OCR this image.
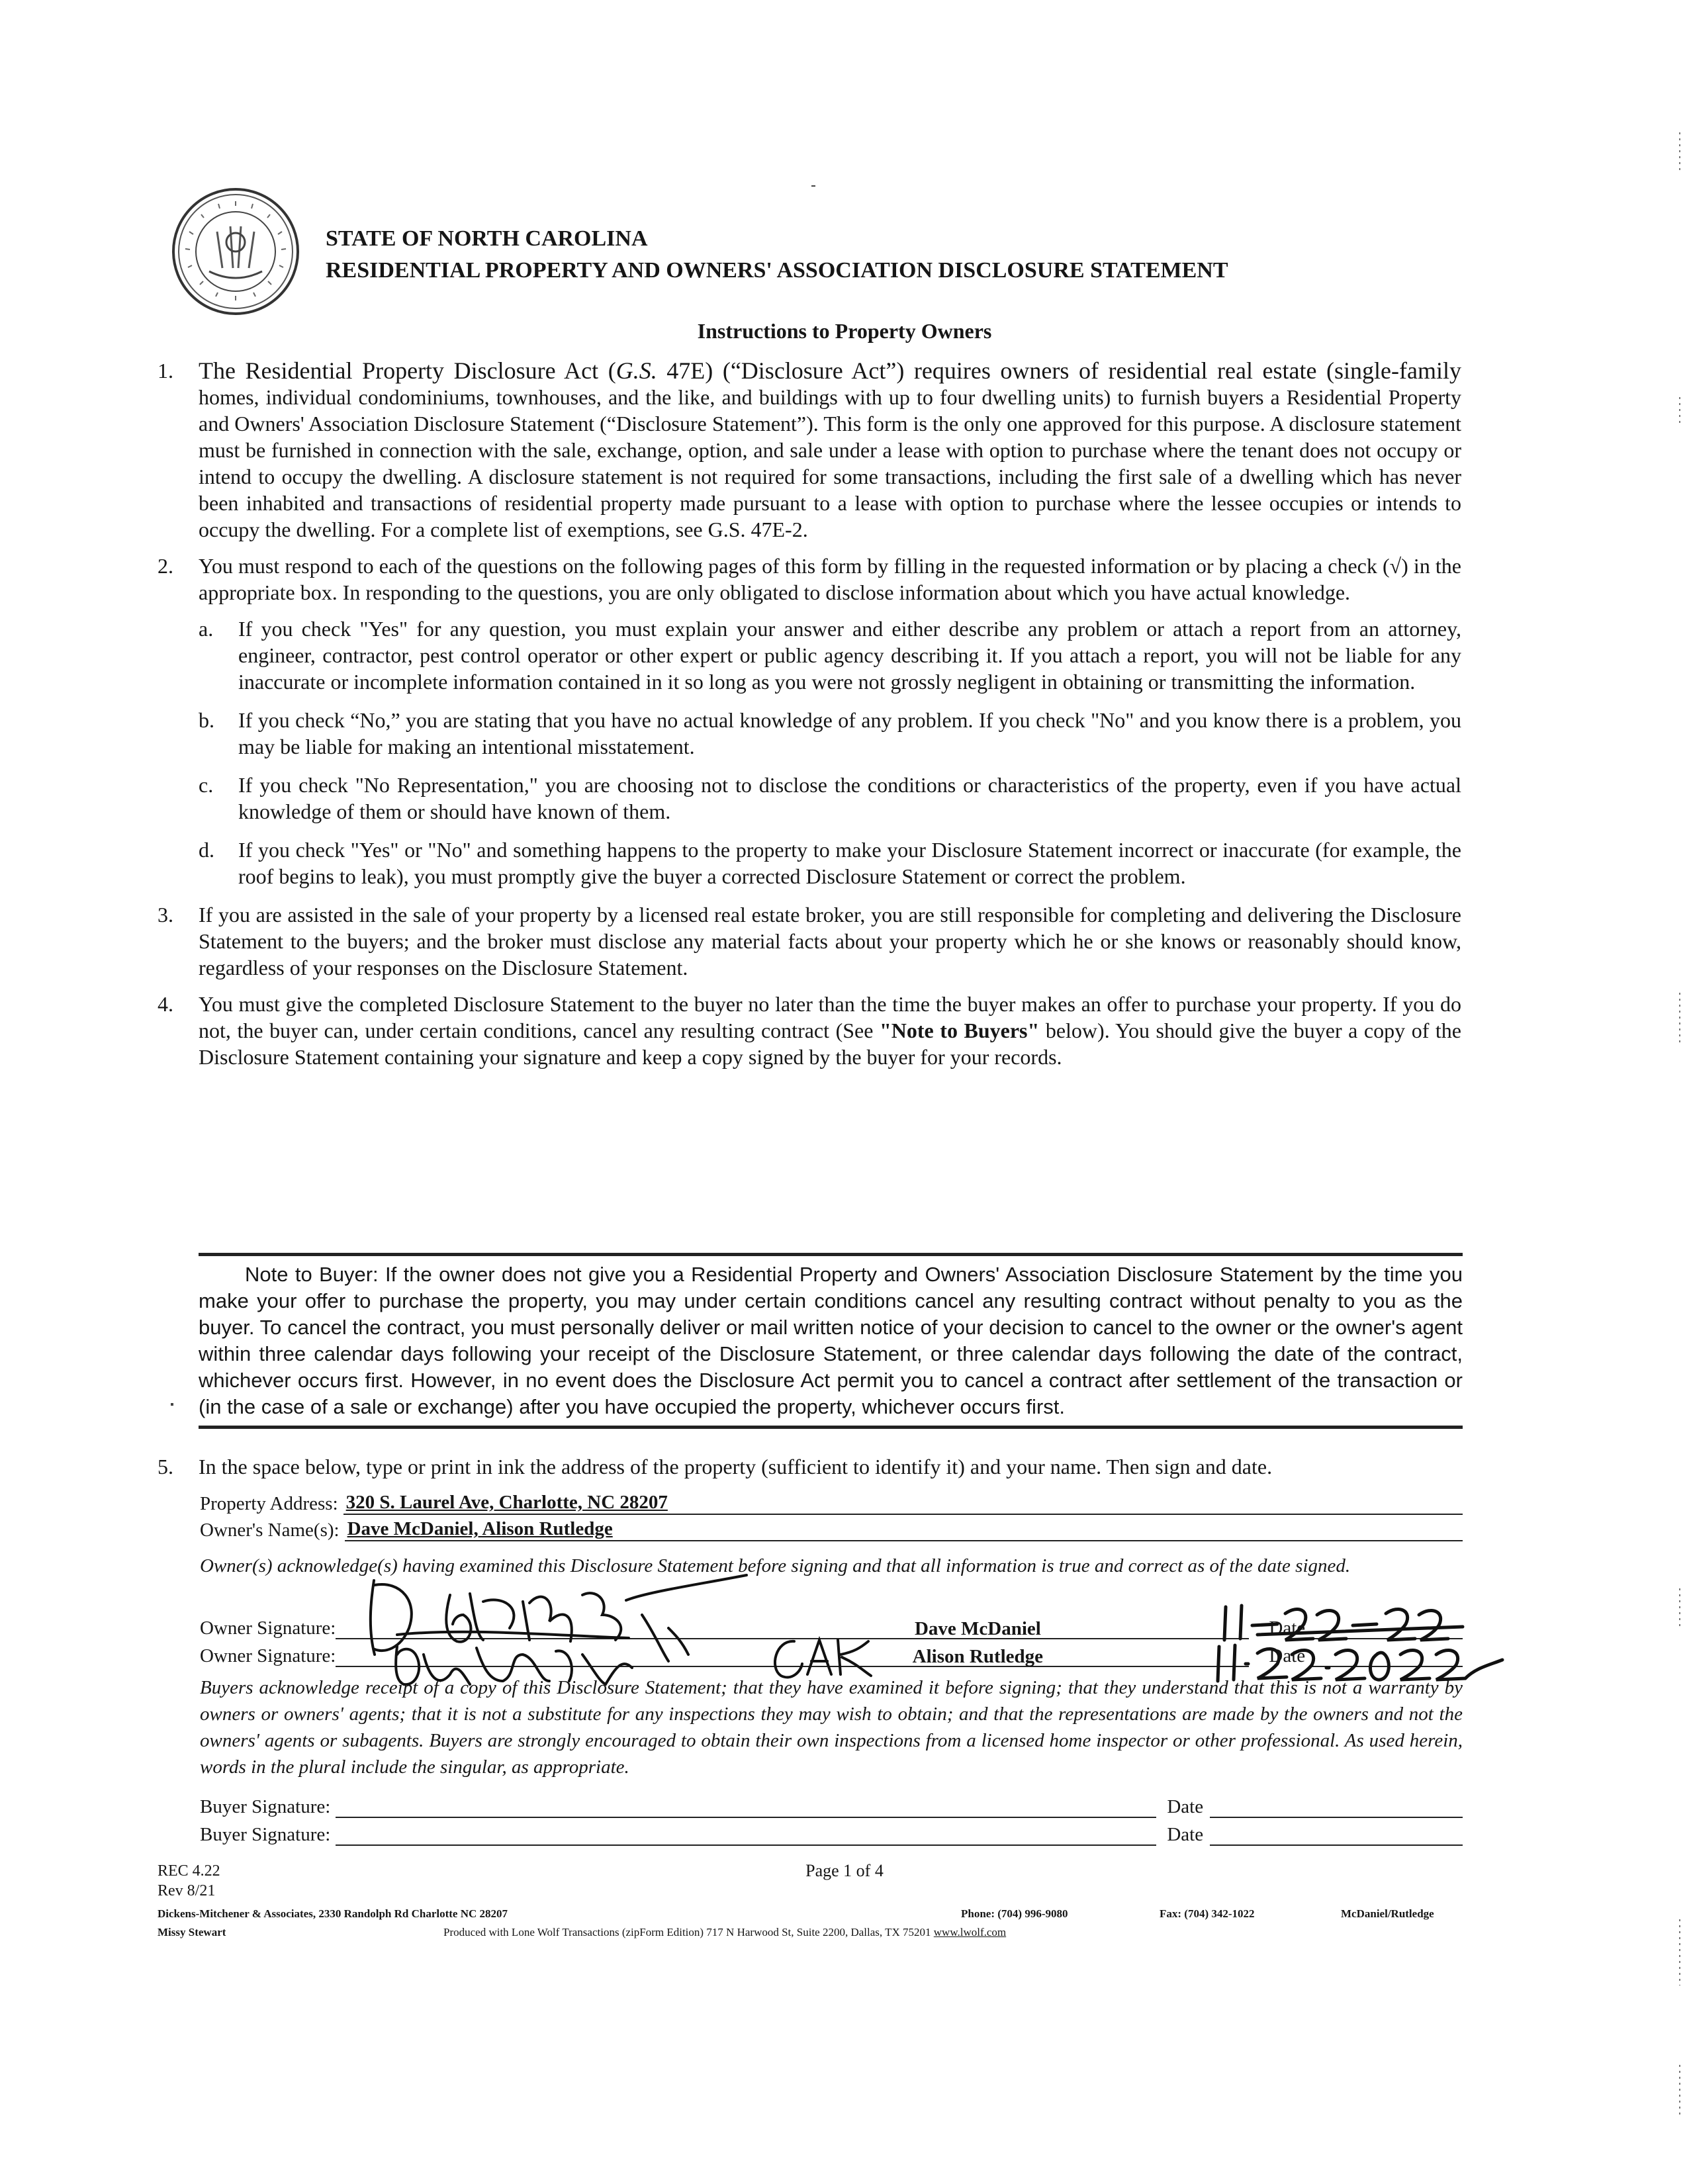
STATE OF NORTH CAROLINA
RESIDENTIAL PROPERTY AND OWNERS' ASSOCIATION DISCLOSURE STATEMENT
Instructions to Property Owners
1.	The Residential Property Disclosure Act (G.S. 47E) (“Disclosure Act”) requires owners of residential real estate (single-family homes, individual condominiums, townhouses, and the like, and buildings with up to four dwelling units) to furnish buyers a Residential Property and Owners' Association Disclosure Statement (“Disclosure Statement”). This form is the only one approved for this purpose. A disclosure statement must be furnished in connection with the sale, exchange, option, and sale under a lease with option to purchase where the tenant does not occupy or intend to occupy the dwelling. A disclosure statement is not required for some transactions, including the first sale of a dwelling which has never been inhabited and transactions of residential property made pursuant to a lease with option to purchase where the lessee occupies or intends to occupy the dwelling. For a complete list of exemptions, see G.S. 47E-2.
2.	You must respond to each of the questions on the following pages of this form by filling in the requested information or by placing a check (√) in the appropriate box. In responding to the questions, you are only obligated to disclose information about which you have actual knowledge.
a.	If you check "Yes" for any question, you must explain your answer and either describe any problem or attach a report from an attorney, engineer, contractor, pest control operator or other expert or public agency describing it. If you attach a report, you will not be liable for any inaccurate or incomplete information contained in it so long as you were not grossly negligent in obtaining or transmitting the information.
b.	If you check “No,” you are stating that you have no actual knowledge of any problem. If you check "No" and you know there is a problem, you may be liable for making an intentional misstatement.
c.	If you check "No Representation," you are choosing not to disclose the conditions or characteristics of the property, even if you have actual knowledge of them or should have known of them.
d.	If you check "Yes" or "No" and something happens to the property to make your Disclosure Statement incorrect or inaccurate (for example, the roof begins to leak), you must promptly give the buyer a corrected Disclosure Statement or correct the problem.
3.	If you are assisted in the sale of your property by a licensed real estate broker, you are still responsible for completing and delivering the Disclosure Statement to the buyers; and the broker must disclose any material facts about your property which he or she knows or reasonably should know, regardless of your responses on the Disclosure Statement.
4.	You must give the completed Disclosure Statement to the buyer no later than the time the buyer makes an offer to purchase your property. If you do not, the buyer can, under certain conditions, cancel any resulting contract (See "Note to Buyers" below). You should give the buyer a copy of the Disclosure Statement containing your signature and keep a copy signed by the buyer for your records.
Note to Buyer: If the owner does not give you a Residential Property and Owners' Association Disclosure Statement by the time you make your offer to purchase the property, you may under certain conditions cancel any resulting contract without penalty to you as the buyer. To cancel the contract, you must personally deliver or mail written notice of your decision to cancel to the owner or the owner's agent within three calendar days following your receipt of the Disclosure Statement, or three calendar days following the date of the contract, whichever occurs first. However, in no event does the Disclosure Act permit you to cancel a contract after settlement of the transaction or (in the case of a sale or exchange) after you have occupied the property, whichever occurs first.
5.	In the space below, type or print in ink the address of the property (sufficient to identify it) and your name. Then sign and date.
Property Address: 320 S. Laurel Ave, Charlotte, NC 28207
Owner's Name(s): Dave McDaniel, Alison Rutledge
Owner(s) acknowledge(s) having examined this Disclosure Statement before signing and that all information is true and correct as of the date signed.
Owner Signature:	Dave McDaniel	Date
Owner Signature:	Alison Rutledge	Date
Buyers acknowledge receipt of a copy of this Disclosure Statement; that they have examined it before signing; that they understand that this is not a warranty by owners or owners' agents; that it is not a substitute for any inspections they may wish to obtain; and that the representations are made by the owners and not the owners' agents or subagents. Buyers are strongly encouraged to obtain their own inspections from a licensed home inspector or other professional. As used herein, words in the plural include the singular, as appropriate.
Buyer Signature:	Date
Buyer Signature:	Date
REC 4.22
Rev 8/21
Page 1 of 4
Dickens-Mitchener & Associates, 2330 Randolph Rd Charlotte NC 28207	Phone: (704) 996-9080	Fax: (704) 342-1022	McDaniel/Rutledge
Missy Stewart	Produced with Lone Wolf Transactions (zipForm Edition) 717 N Harwood St, Suite 2200, Dallas, TX 75201 www.lwolf.com
